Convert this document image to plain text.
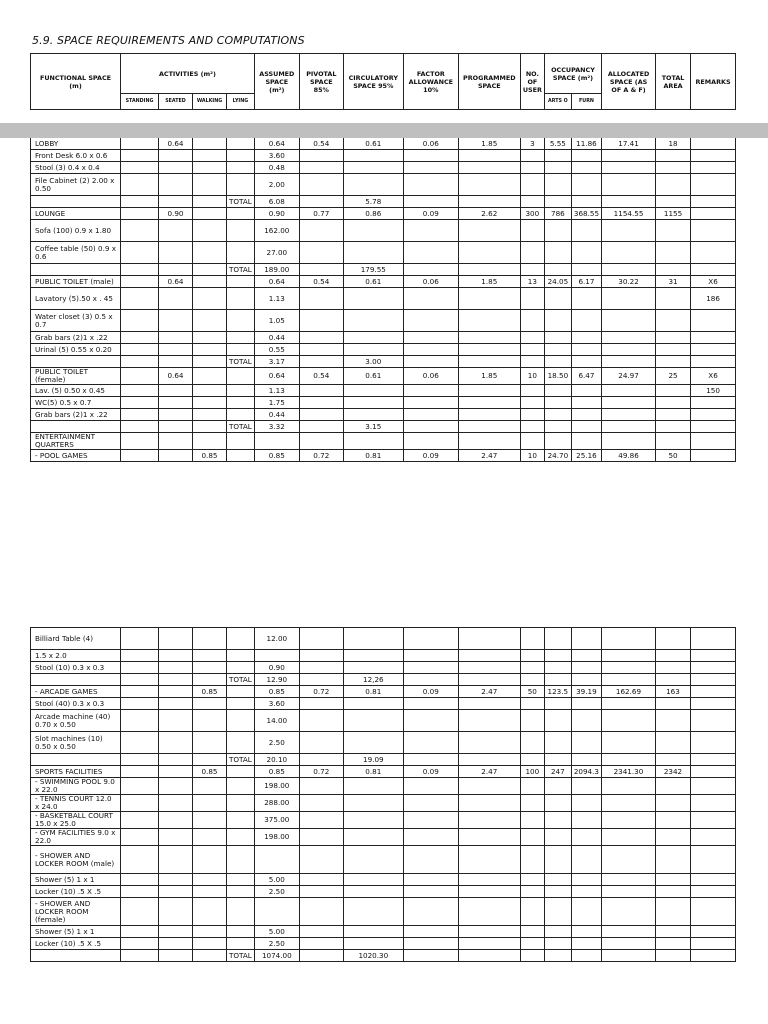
5.9. SPACE REQUIREMENTS AND COMPUTATIONS
FUNCTIONAL SPACE
(m)	ACTIVITIES (m²)				ASSUMED SPACE (m²)	PIVOTAL SPACE 85%	CIRCULATORY SPACE 95%	FACTOR ALLOWANCE 10%	PROGRAMMED SPACE	NO. OF USER	OCCUPANCY SPACE (m²)		ALLOCATED SPACE (AS OF A & F)	TOTAL AREA	REMARKS
	STANDING	SEATED	WALKING	LYING							ARTS O	FURN			

LOBBY		0.64			0.64	0.54	0.61	0.06	1.85	3	5.55	11.86	17.41	18	
Front Desk 6.0 x 0.6					3.60										
Stool (3) 0.4 x 0.4					0.48										
File Cabinet (2) 2.00 x 0.50					2.00										
				TOTAL	6.08		5.78								
LOUNGE		0.90			0.90	0.77	0.86	0.09	2.62	300	786	368.55	1154.55	1155	
Sofa (100) 0.9 x 1.80					162.00										
Coffee table (50) 0.9 x 0.6					27.00										
				TOTAL	189.00		179.55								
PUBLIC TOILET (male)		0.64			0.64	0.54	0.61	0.06	1.85	13	24.05	6.17	30.22	31	X6
Lavatory (5).50 x . 45					1.13										186
Water closet (3) 0.5 x 0.7					1.05										
Grab bars (2)1 x .22					0.44										
Urinal (5) 0.55 x 0.20					0.55										
				TOTAL	3.17		3.00								
PUBLIC TOILET (female)		0.64			0.64	0.54	0.61	0.06	1.85	10	18.50	6.47	24.97	25	X6
Lav. (5) 0.50 x 0.45					1.13										150
WC(5) 0.5 x 0.7					1.75										
Grab bars (2)1 x .22					0.44										
				TOTAL	3.32		3.15								
ENTERTAINMENT QUARTERS															
- POOL GAMES			0.85		0.85	0.72	0.81	0.09	2.47	10	24.70	25.16	49.86	50	
Billiard Table (4)					12.00										
1.5 x 2.0															
Stool (10) 0.3 x 0.3					0.90										
				TOTAL	12.90		12,26								
- ARCADE GAMES			0.85		0.85	0.72	0.81	0.09	2.47	50	123.5	39.19	162.69	163	
Stool (40) 0.3 x 0.3					3.60										
Arcade machine (40) 0.70 x 0.50					14.00										
Slot machines (10) 0.50 x 0.50					2.50										
				TOTAL	20.10		19.09								
SPORTS FACILITIES			0.85		0.85	0.72	0.81	0.09	2.47	100	247	2094.3	2341.30	2342	
- SWIMMING POOL 9.0 x 22.0					198.00										
- TENNIS COURT 12.0 x 24.0					288.00										
- BASKETBALL COURT 15.0 x 25.0					375.00										
- GYM FACILITIES 9.0 x 22.0					198.00										
- SHOWER AND LOCKER ROOM (male)															
Shower (5) 1 x 1					5.00										
Locker (10) .5 X .5					2.50										
- SHOWER AND LOCKER ROOM (female)															
Shower (5) 1 x 1					5.00										
Locker (10) .5 X .5					2.50										
				TOTAL	1074.00		1020.30								
